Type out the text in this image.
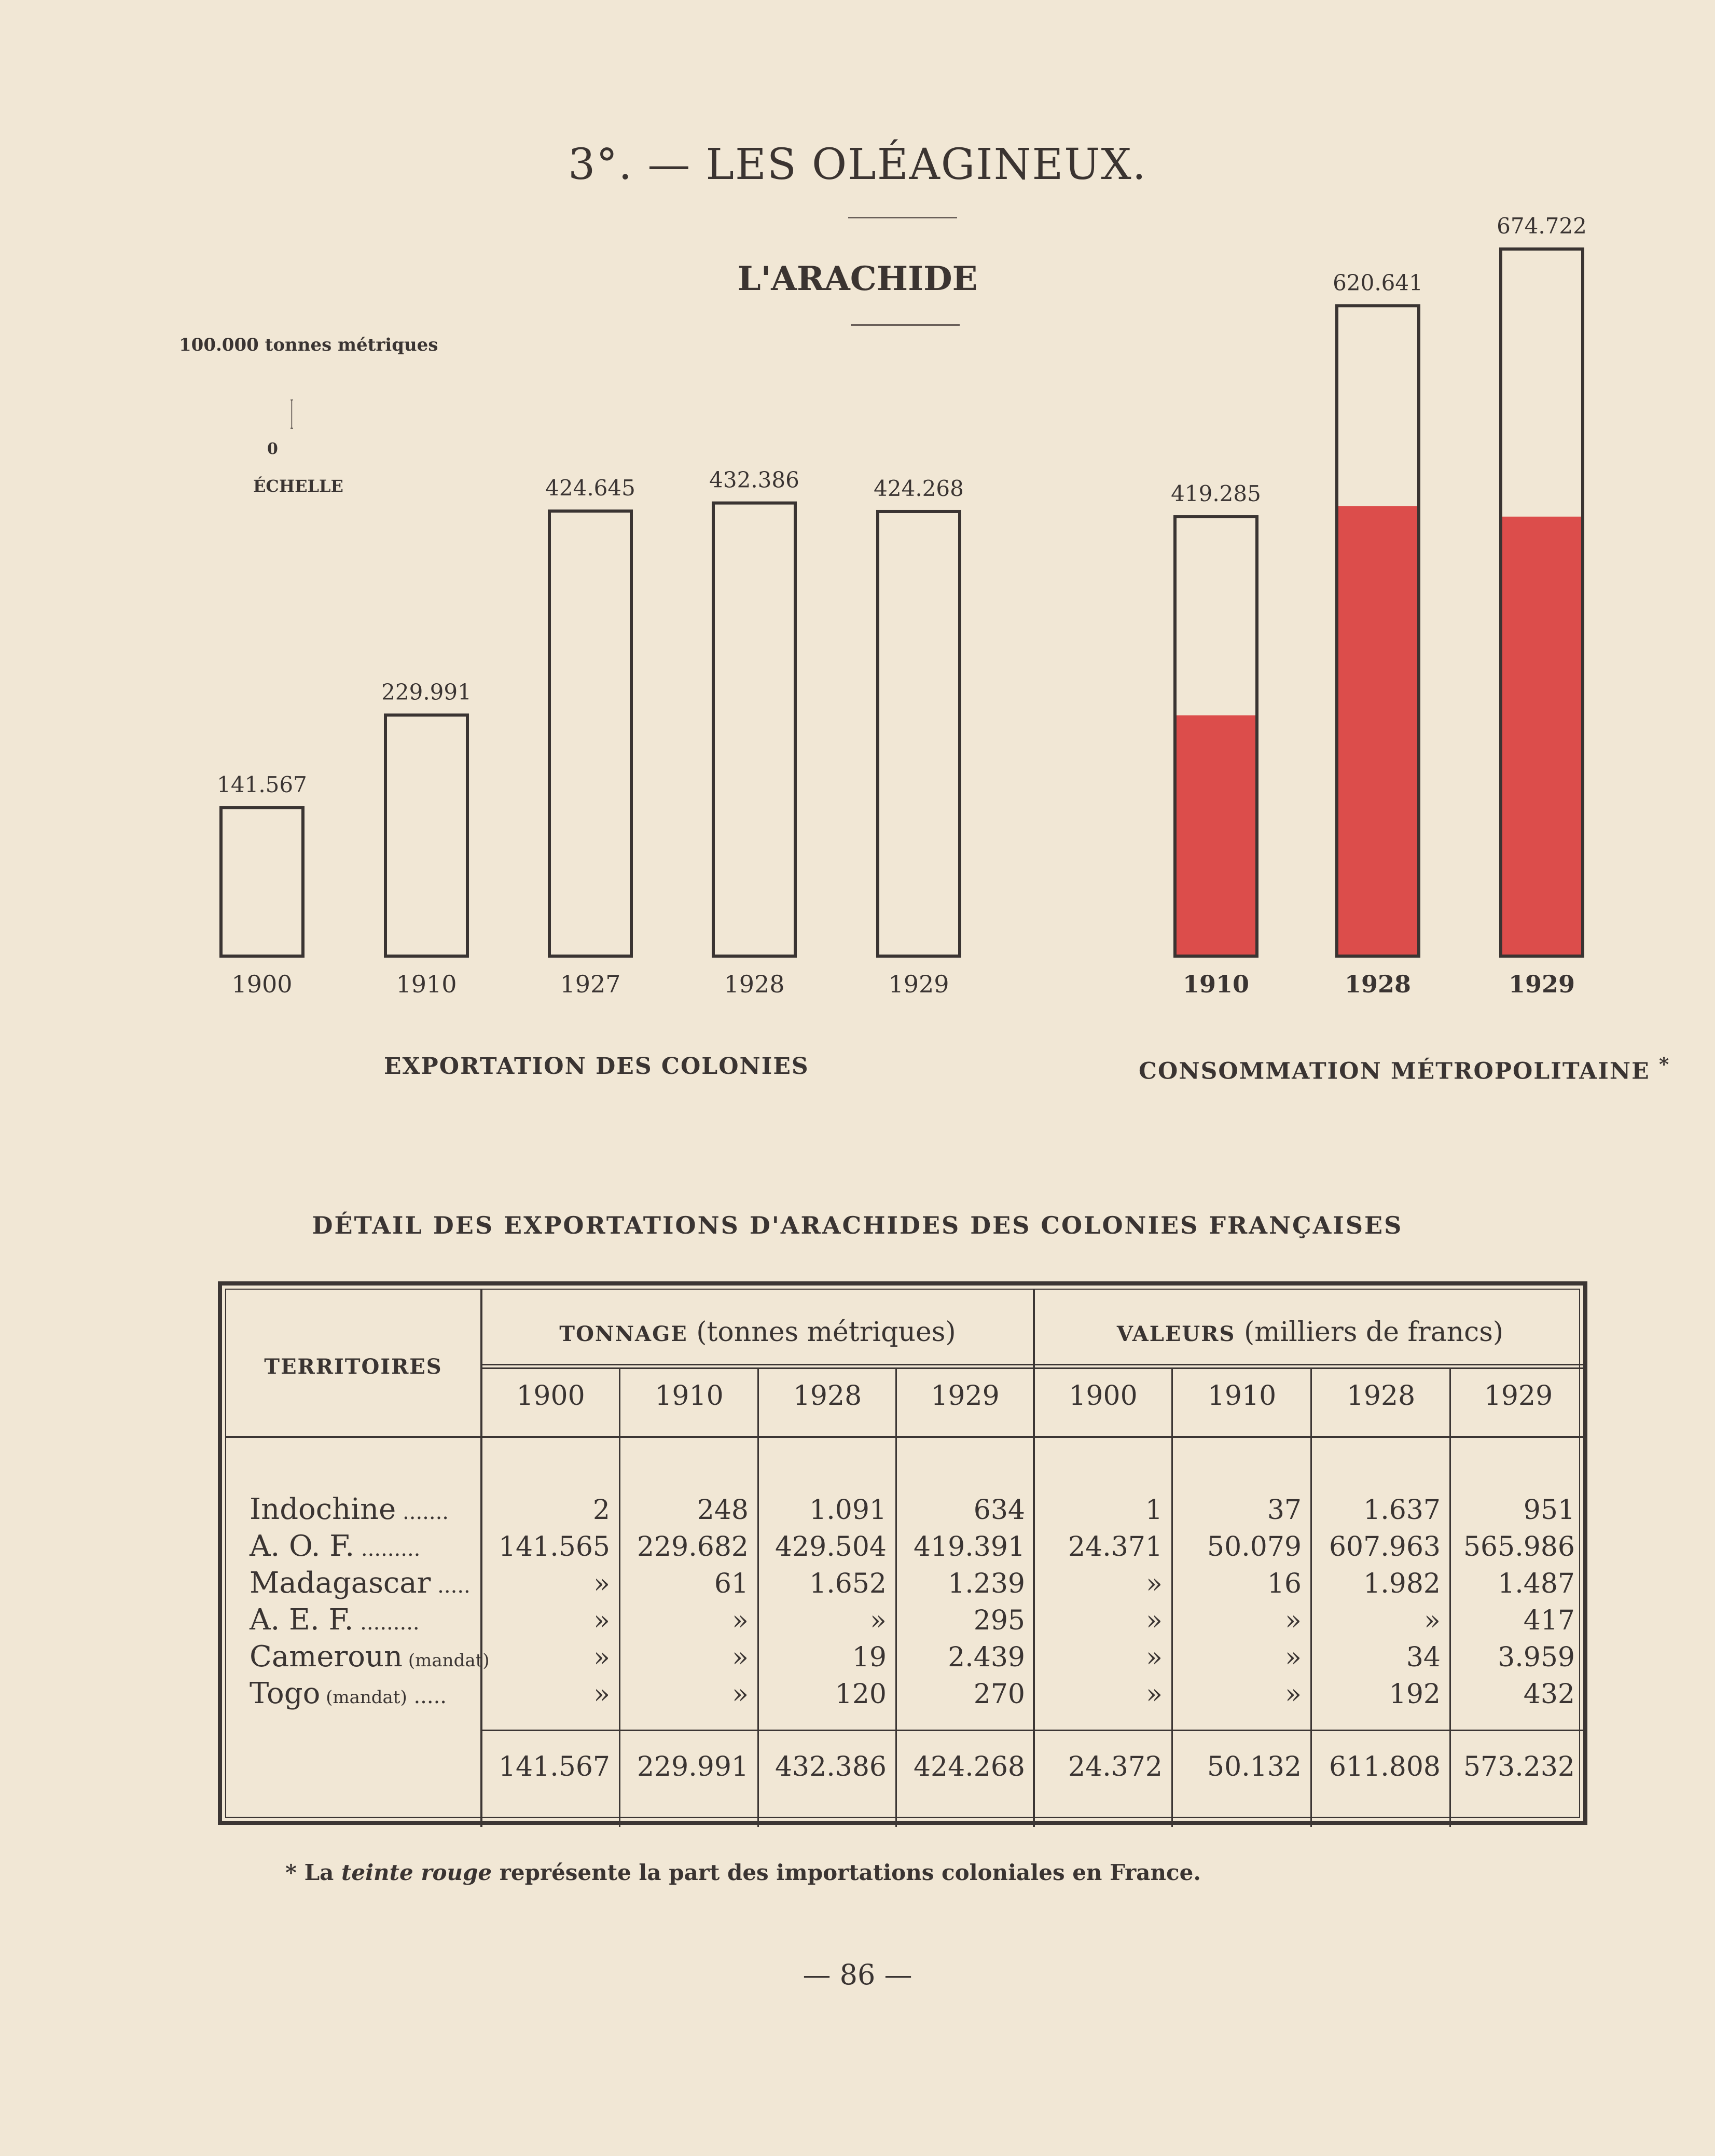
3°. — LES OLÉAGINEUX.
L'ARACHIDE
100.000 tonnes métriques
0
ÉCHELLE
141.567
1900
229.991
1910
424.645
1927
432.386
1928
424.268
1929
419.285
1910
620.641
1928
674.722
1929
EXPORTATION DES COLONIES	CONSOMMATION MÉTROPOLITAINE *
DÉTAIL DES EXPORTATIONS D'ARACHIDES DES COLONIES FRANÇAISES
TERRITOIRES
TONNAGE (tonnes métriques)	VALEURS (milliers de francs)
1900	1910	1928	1929	1900	1910	1928	1929
Indochine .......	2	248	1.091	634	1	37	1.637	951
A. O. F. .........	141.565 229.682 429.504 419.391	24.371	50.079	607.963 565.986
Madagascar .....	»	61	1.652	1.239	»	16	1.982	1.487
A. E. F. .........	»	»	»	295	»	»	»	417
Cameroun (mandat)	»	»	19	2.439	»	»	34	3.959
Togo (mandat) .....	»	»	120	270	»	»	192	432
141.567 229.991 432.386 424.268	24.372	50.132	611.808 573.232
* La teinte rouge représente la part des importations coloniales en France.
— 86 —
